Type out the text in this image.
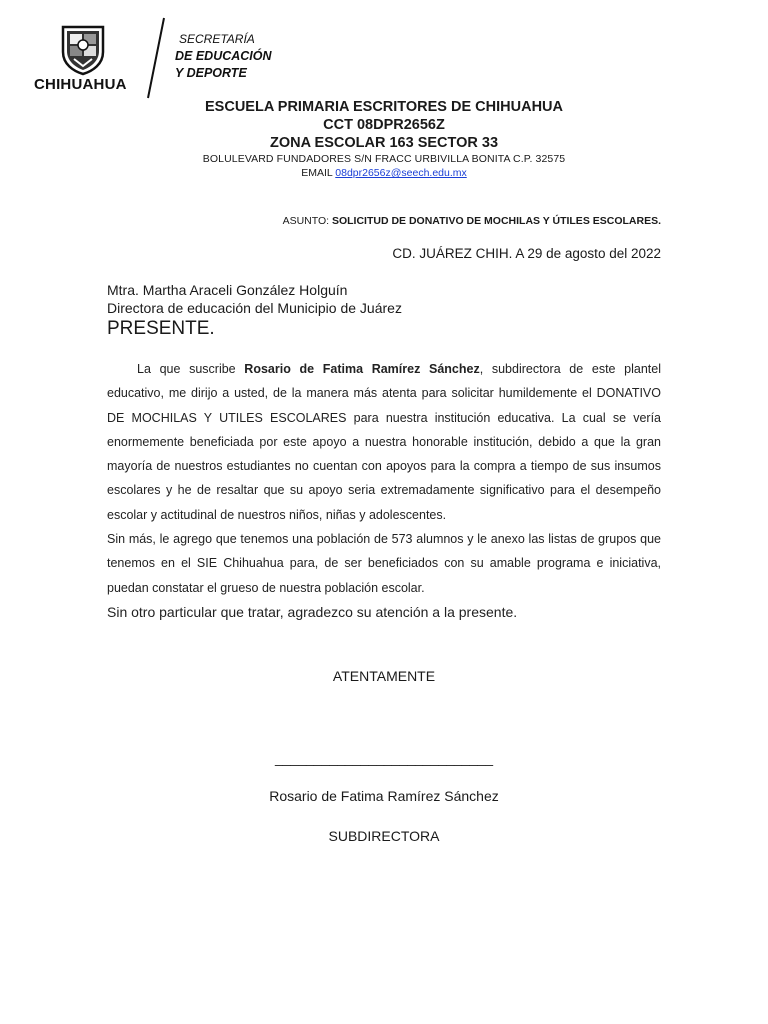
CHIHUAHUA
SECRETARÍA
DE EDUCACIÓN
Y DEPORTE
ESCUELA PRIMARIA ESCRITORES DE CHIHUAHUA
CCT 08DPR2656Z
ZONA ESCOLAR 163 SECTOR 33
BOLULEVARD FUNDADORES S/N FRACC URBIVILLA BONITA C.P. 32575
EMAIL 08dpr2656z@seech.edu.mx
ASUNTO: SOLICITUD DE DONATIVO DE MOCHILAS Y ÚTILES ESCOLARES.
CD. JUÁREZ CHIH. A 29 de agosto del 2022
Mtra. Martha Araceli González Holguín
Directora de educación del Municipio de Juárez
PRESENTE.

La que suscribe Rosario de Fatima Ramírez Sánchez, subdirectora de este plantel educativo, me dirijo a usted, de la manera más atenta para solicitar humildemente el DONATIVO DE MOCHILAS Y UTILES ESCOLARES para nuestra institución educativa. La cual se vería enormemente beneficiada por este apoyo a nuestra honorable institución, debido a que la gran mayoría de nuestros estudiantes no cuentan con apoyos para la compra a tiempo de sus insumos escolares y he de resaltar que su apoyo seria extremadamente significativo para el desempeño escolar y actitudinal de nuestros niños, niñas y adolescentes.

Sin más, le agrego que tenemos una población de 573 alumnos y le anexo las listas de grupos que tenemos en el SIE Chihuahua para, de ser beneficiados con su amable programa e iniciativa, puedan constatar el grueso de nuestra población escolar.

Sin otro particular que tratar, agradezco su atención a la presente.

ATENTAMENTE
____________________________
Rosario de Fatima Ramírez Sánchez
SUBDIRECTORA
